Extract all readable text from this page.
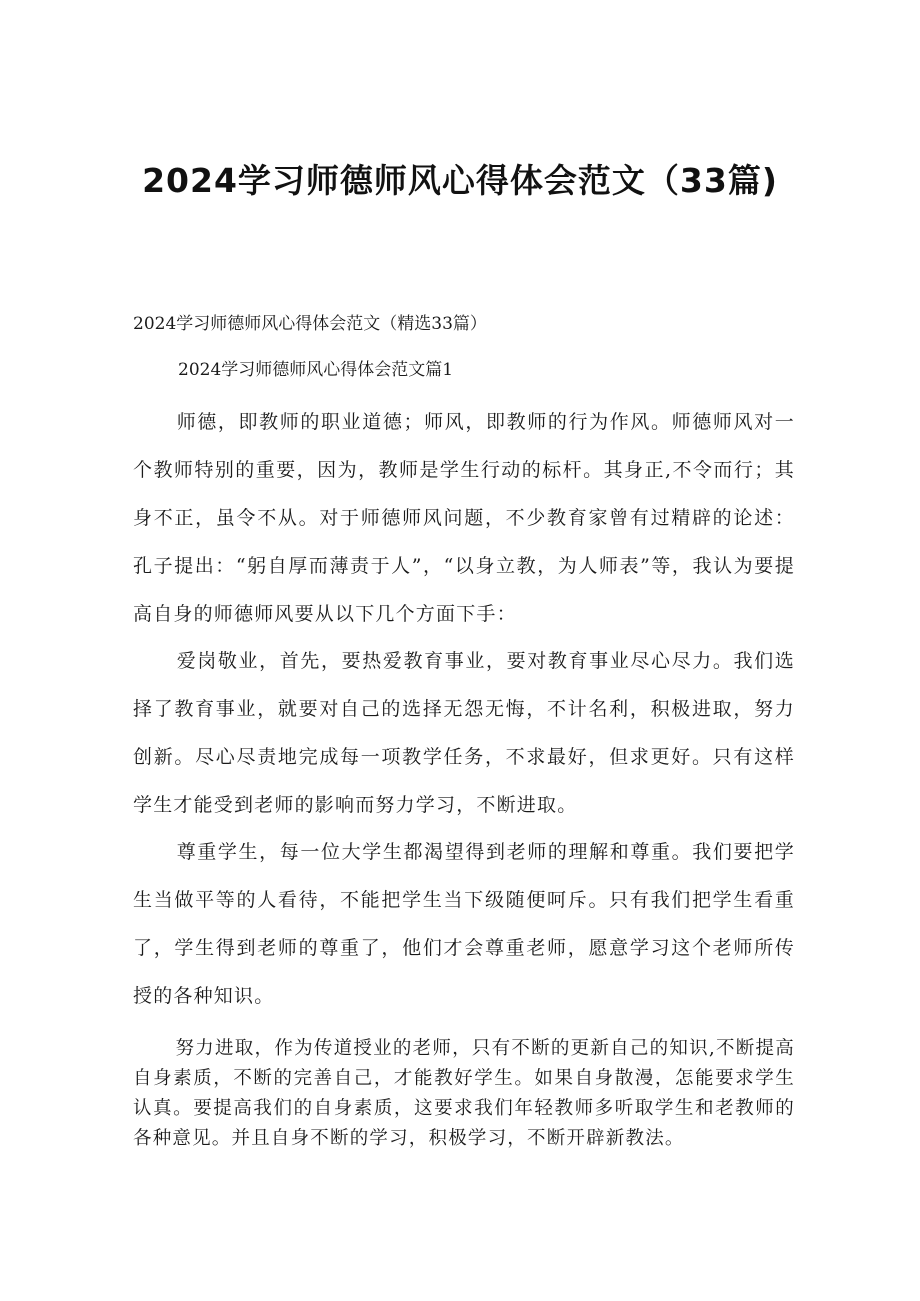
2024学习师德师风心得体会范文（33篇)

2024学习师德师风心得体会范文（精选33篇）

2024学习师德师风心得体会范文篇1

师德，即教师的职业道德；师风，即教师的行为作风。师德师风对一个教师特别的重要，因为，教师是学生行动的标杆。其身正,不令而行；其身不正，虽令不从。对于师德师风问题，不少教育家曾有过精辟的论述：孔子提出：“躬自厚而薄责于人”，“以身立教，为人师表”等，我认为要提高自身的师德师风要从以下几个方面下手：

爱岗敬业，首先，要热爱教育事业，要对教育事业尽心尽力。我们选择了教育事业，就要对自己的选择无怨无悔，不计名利，积极进取，努力创新。尽心尽责地完成每一项教学任务，不求最好，但求更好。只有这样学生才能受到老师的影响而努力学习，不断进取。

尊重学生，每一位大学生都渴望得到老师的理解和尊重。我们要把学生当做平等的人看待，不能把学生当下级随便呵斥。只有我们把学生看重了，学生得到老师的尊重了，他们才会尊重老师，愿意学习这个老师所传授的各种知识。

努力进取，作为传道授业的老师，只有不断的更新自己的知识,不断提高自身素质，不断的完善自己，才能教好学生。如果自身散漫，怎能要求学生认真。要提高我们的自身素质，这要求我们年轻教师多听取学生和老教师的各种意见。并且自身不断的学习，积极学习，不断开辟新教法。
